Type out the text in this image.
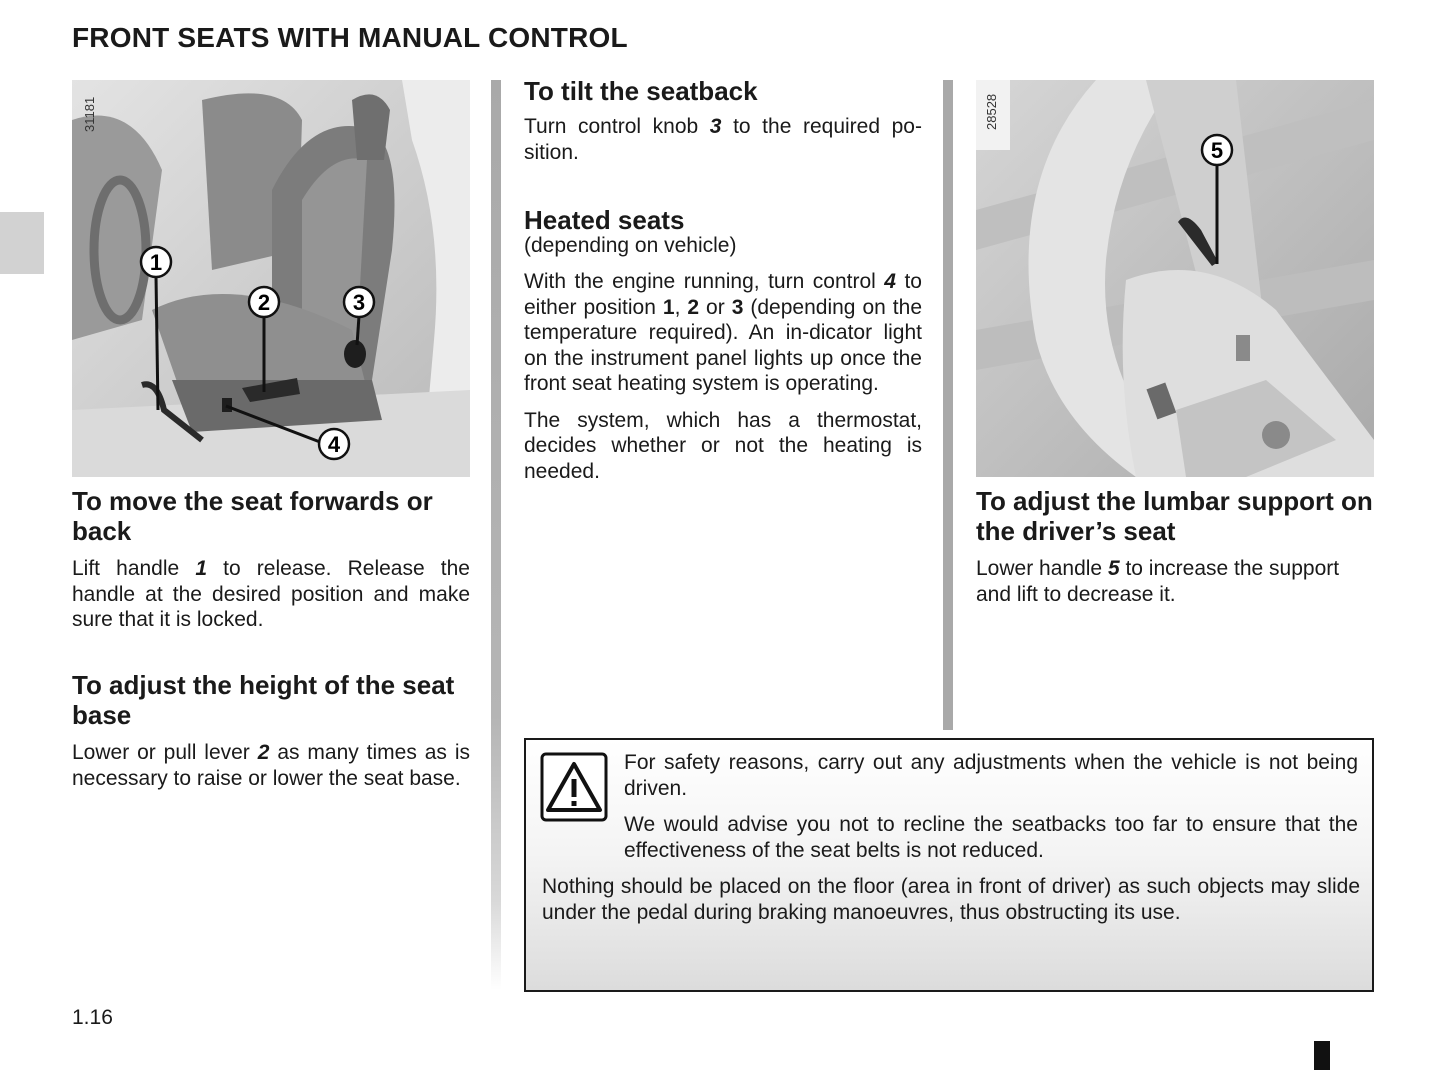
FRONT SEATS WITH MANUAL CONTROL
31181
1
2	3
4
To move the seat forwards or back

Lift handle 1 to release. Release the handle at the desired position and make sure that it is locked.

To adjust the height of the seat base

Lower or pull lever 2 as many times as is necessary to raise or lower the seat base.

To tilt the seatback

Turn control knob 3 to the required po-sition.

Heated seats

(depending on vehicle)

With the engine running, turn control 4 to either position 1, 2 or 3 (depending on the temperature required). An in-dicator light on the instrument panel lights up once the front seat heating system is operating.

The system, which has a thermostat, decides whether or not the heating is needed.

28528
5
To adjust the lumbar support on the driver’s seat

Lower handle 5 to increase the support and lift to decrease it.

For safety reasons, carry out any adjustments when the vehicle is not being driven.

We would advise you not to recline the seatbacks too far to ensure that the effectiveness of the seat belts is not reduced.

Nothing should be placed on the floor (area in front of driver) as such objects may slide under the pedal during braking manoeuvres, thus obstructing its use.

1.16
